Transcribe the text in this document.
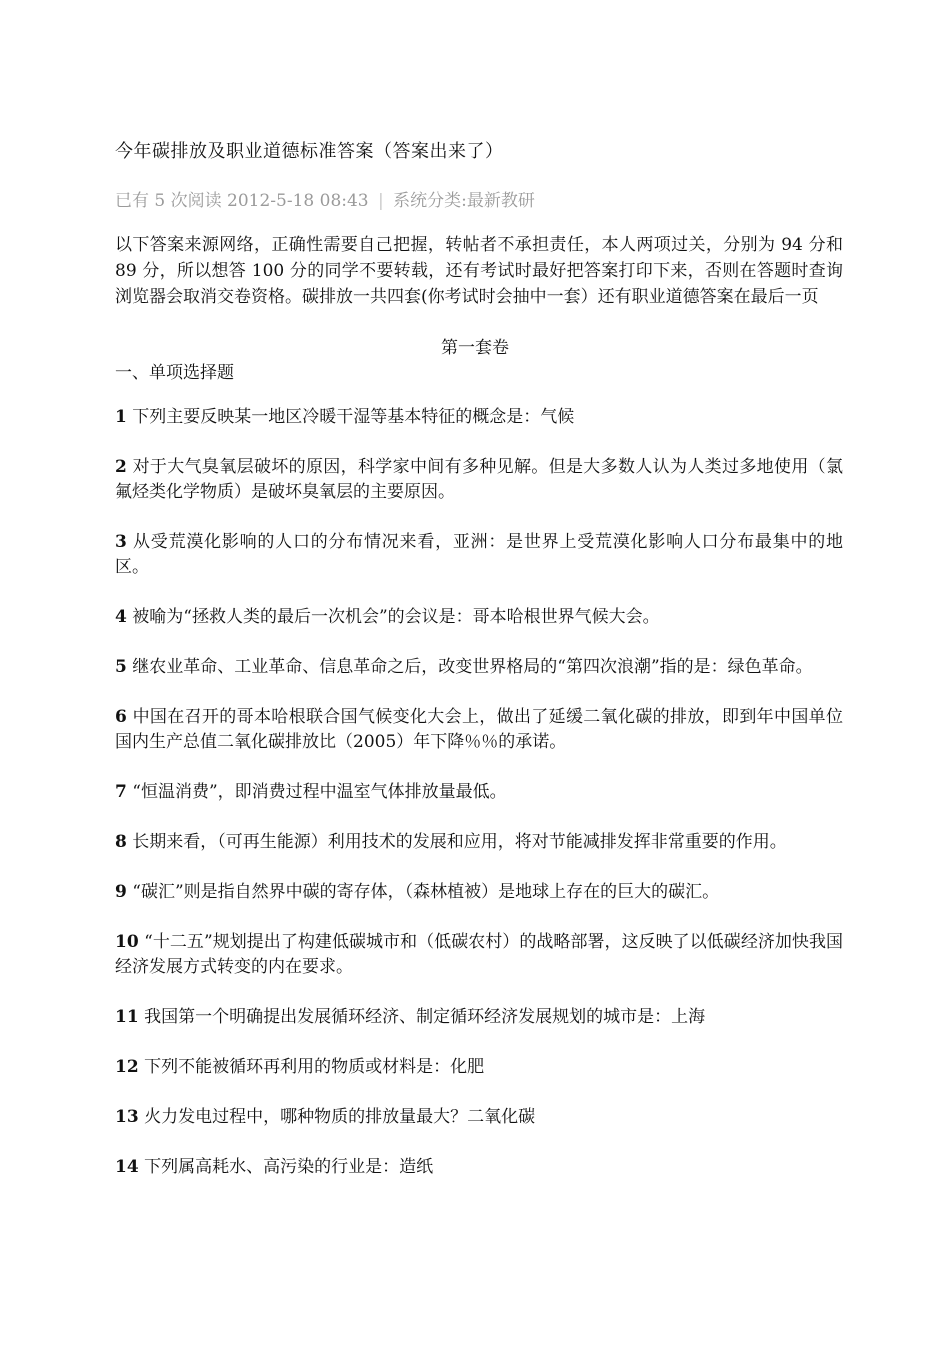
今年碳排放及职业道德标准答案（答案出来了）
已有 5 次阅读 2012-5-18 08:43 | 系统分类:最新教研
以下答案来源网络，正确性需要自己把握，转帖者不承担责任，本人两项过关，分别为 94 分和 89 分，所以想答 100 分的同学不要转载，还有考试时最好把答案打印下来，否则在答题时查询浏览器会取消交卷资格。碳排放一共四套(你考试时会抽中一套）还有职业道德答案在最后一页
第一套卷
一、单项选择题
1 下列主要反映某一地区冷暖干湿等基本特征的概念是：气候
2 对于大气臭氧层破坏的原因，科学家中间有多种见解。但是大多数人认为人类过多地使用（氯氟烃类化学物质）是破坏臭氧层的主要原因。
3 从受荒漠化影响的人口的分布情况来看，亚洲：是世界上受荒漠化影响人口分布最集中的地区。
4 被喻为“拯救人类的最后一次机会”的会议是：哥本哈根世界气候大会。
5 继农业革命、工业革命、信息革命之后，改变世界格局的“第四次浪潮”指的是：绿色革命。
6 中国在召开的哥本哈根联合国气候变化大会上，做出了延缓二氧化碳的排放，即到年中国单位国内生产总值二氧化碳排放比（2005）年下降％％的承诺。
7 “恒温消费”，即消费过程中温室气体排放量最低。
8 长期来看，（可再生能源）利用技术的发展和应用，将对节能减排发挥非常重要的作用。
9 “碳汇”则是指自然界中碳的寄存体，（森林植被）是地球上存在的巨大的碳汇。
10 “十二五”规划提出了构建低碳城市和（低碳农村）的战略部署，这反映了以低碳经济加快我国经济发展方式转变的内在要求。
11 我国第一个明确提出发展循环经济、制定循环经济发展规划的城市是：上海
12 下列不能被循环再利用的物质或材料是：化肥
13 火力发电过程中，哪种物质的排放量最大？二氧化碳
14 下列属高耗水、高污染的行业是：造纸
